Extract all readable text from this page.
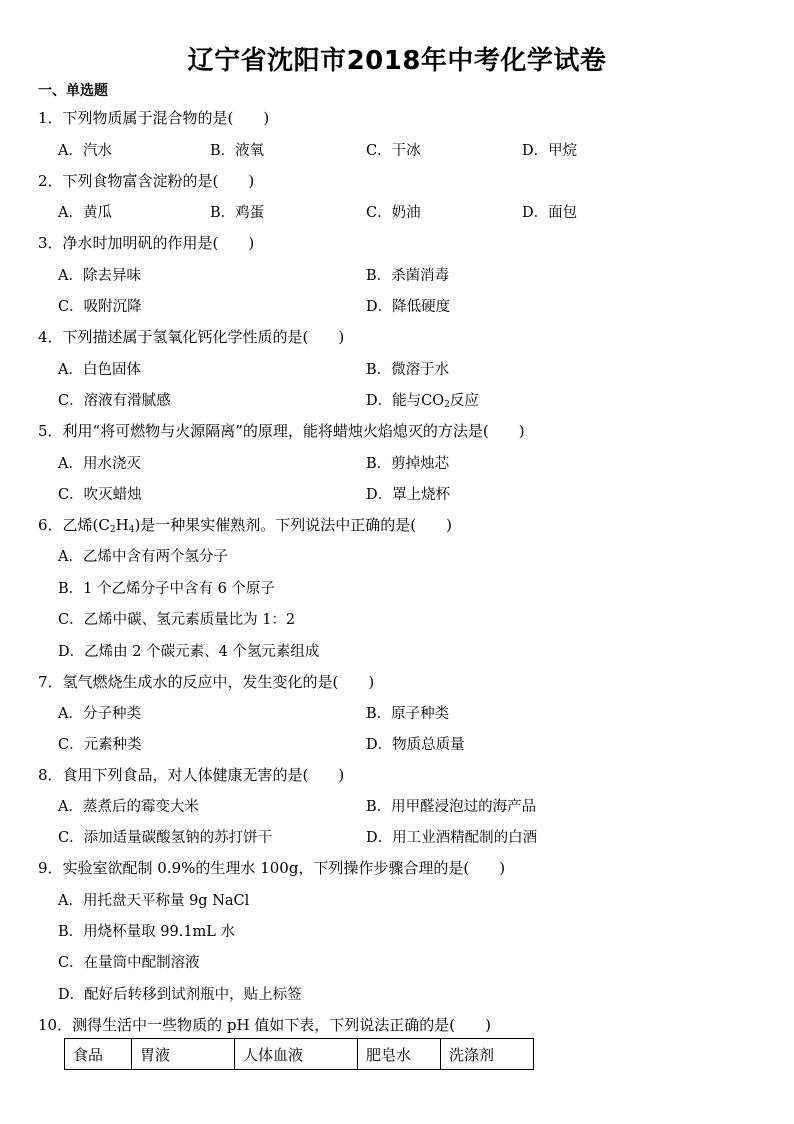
辽宁省沈阳市2018年中考化学试卷
一、单选题
1．下列物质属于混合物的是(　　)
A．汽水	B．液氧	C．干冰	D．甲烷
2．下列食物富含淀粉的是(　　)
A．黄瓜	B．鸡蛋	C．奶油	D．面包
3．净水时加明矾的作用是(　　)
A．除去异味	B．杀菌消毒
C．吸附沉降	D．降低硬度
4．下列描述属于氢氧化钙化学性质的是(　　)
A．白色固体	B．微溶于水
C．溶液有滑腻感	D．能与$CO_2$反应
5．利用“将可燃物与火源隔离”的原理，能将蜡烛火焰熄灭的方法是(　　)
A．用水浇灭	B．剪掉烛芯
C．吹灭蜡烛	D．罩上烧杯
6．乙烯$(C_2H_4)$是一种果实催熟剂。下列说法中正确的是(　　)
A．乙烯中含有两个氢分子
B．1 个乙烯分子中含有 6 个原子
C．乙烯中碳、氢元素质量比为 1：2
D．乙烯由 2 个碳元素、4 个氢元素组成
7．氢气燃烧生成水的反应中，发生变化的是(　　)
A．分子种类	B．原子种类
C．元素种类	D．物质总质量
8．食用下列食品，对人体健康无害的是(　　)
A．蒸煮后的霉变大米	B．用甲醛浸泡过的海产品
C．添加适量碳酸氢钠的苏打饼干	D．用工业酒精配制的白酒
9．实验室欲配制 0.9%的生理水 100g，下列操作步骤合理的是(　　)
A．用托盘天平称量 9g NaCl
B．用烧杯量取 99.1mL 水
C．在量筒中配制溶液
D．配好后转移到试剂瓶中，贴上标签
10．测得生活中一些物质的 pH 值如下表，下列说法正确的是(　　)
食品	胃液	人体血液	肥皂水	洗涤剂
